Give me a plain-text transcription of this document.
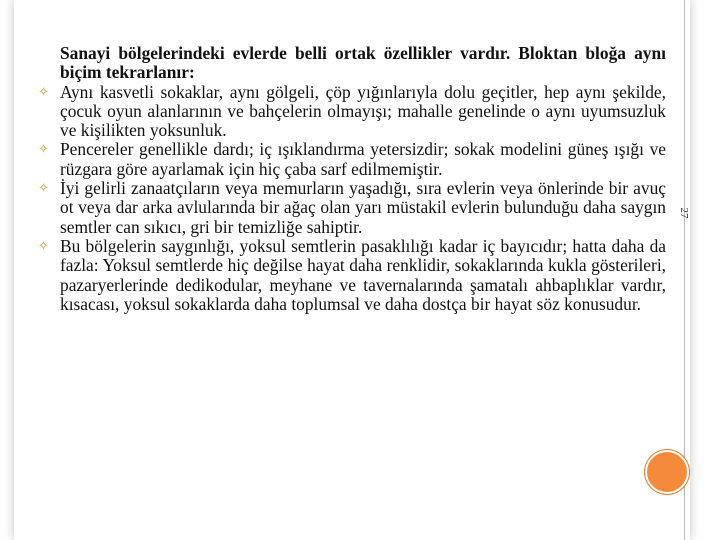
27

Sanayi bölgelerindeki evlerde belli ortak özellikler vardır. Bloktan bloğa aynı biçim tekrarlanır:

✧ Aynı kasvetli sokaklar, aynı gölgeli, çöp yığınlarıyla dolu geçitler, hep aynı şekilde, çocuk oyun alanlarının ve bahçelerin olmayışı; mahalle genelinde o aynı uyumsuzluk ve kişilikten yoksunluk.

✧ Pencereler genellikle dardı; iç ışıklandırma yetersizdir; sokak modelini güneş ışığı ve rüzgara göre ayarlamak için hiç çaba sarf edilmemiştir.

✧ İyi gelirli zanaatçıların veya memurların yaşadığı, sıra evlerin veya önlerinde bir avuç ot veya dar arka avlularında bir ağaç olan yarı müstakil evlerin bulunduğu daha saygın semtler can sıkıcı, gri bir temizliğe sahiptir.

✧ Bu bölgelerin saygınlığı, yoksul semtlerin pasaklılığı kadar iç bayıcıdır; hatta daha da fazla: Yoksul semtlerde hiç değilse hayat daha renklidir, sokaklarında kukla gösterileri, pazaryerlerinde dedikodular, meyhane ve tavernalarında şamatalı ahbaplıklar vardır, kısacası, yoksul sokaklarda daha toplumsal ve daha dostça bir hayat söz konusudur.
